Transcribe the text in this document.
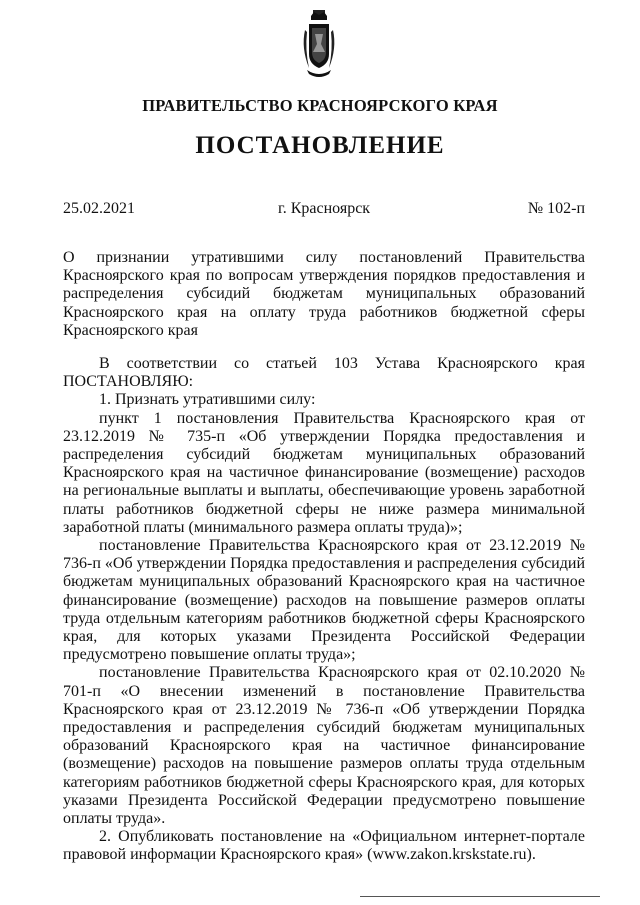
ПРАВИТЕЛЬСТВО КРАСНОЯРСКОГО КРАЯ
ПОСТАНОВЛЕНИЕ
25.02.2021	г. Красноярск	№ 102-п
О признании утратившими силу постановлений Правительства Красноярского края по вопросам утверждения порядков предоставления и распределения субсидий бюджетам муниципальных образований Красноярского края на оплату труда работников бюджетной сферы Красноярского края

В соответствии со статьей 103 Устава Красноярского края ПОСТАНОВЛЯЮ:

1. Признать утратившими силу:

пункт 1 постановления Правительства Красноярского края от 23.12.2019 № 735-п «Об утверждении Порядка предоставления и распределения субсидий бюджетам муниципальных образований Красноярского края на частичное финансирование (возмещение) расходов на региональные выплаты и выплаты, обеспечивающие уровень заработной платы работников бюджетной сферы не ниже размера минимальной заработной платы (минимального размера оплаты труда)»;

постановление Правительства Красноярского края от 23.12.2019 № 736-п «Об утверждении Порядка предоставления и распределения субсидий бюджетам муниципальных образований Красноярского края на частичное финансирование (возмещение) расходов на повышение размеров оплаты труда отдельным категориям работников бюджетной сферы Красноярского края, для которых указами Президента Российской Федерации предусмотрено повышение оплаты труда»;

постановление Правительства Красноярского края от 02.10.2020 № 701-п «О внесении изменений в постановление Правительства Красноярского края от 23.12.2019 № 736-п «Об утверждении Порядка предоставления и распределения субсидий бюджетам муниципальных образований Красноярского края на частичное финансирование (возмещение) расходов на повышение размеров оплаты труда отдельным категориям работников бюджетной сферы Красноярского края, для которых указами Президента Российской Федерации предусмотрено повышение оплаты труда».

2. Опубликовать постановление на «Официальном интернет-портале правовой информации Красноярского края» (www.zakon.krskstate.ru).
